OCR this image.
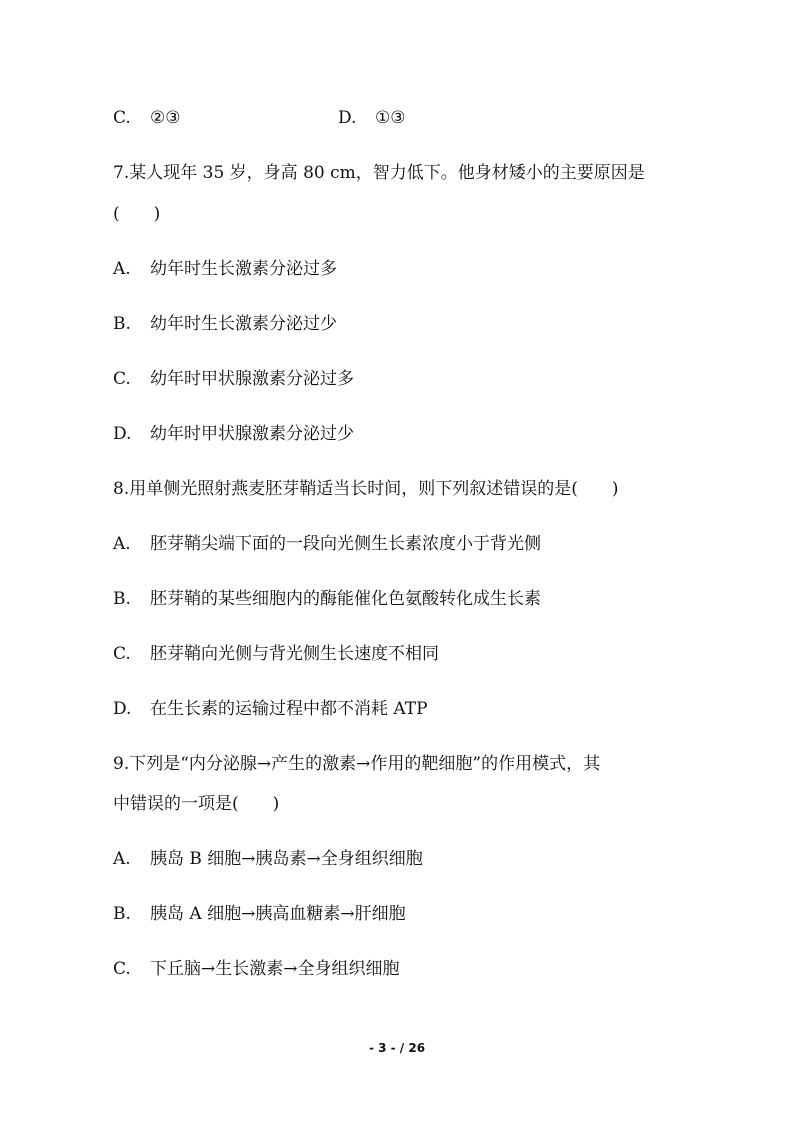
C. ②③	D. ①③
7.某人现年 35 岁，身高 80 cm，智力低下。他身材矮小的主要原因是
(　　)
A. 幼年时生长激素分泌过多
B. 幼年时生长激素分泌过少
C. 幼年时甲状腺激素分泌过多
D. 幼年时甲状腺激素分泌过少
8.用单侧光照射燕麦胚芽鞘适当长时间，则下列叙述错误的是(　　)
A. 胚芽鞘尖端下面的一段向光侧生长素浓度小于背光侧
B. 胚芽鞘的某些细胞内的酶能催化色氨酸转化成生长素
C. 胚芽鞘向光侧与背光侧生长速度不相同
D. 在生长素的运输过程中都不消耗 ATP
9.下列是“内分泌腺→产生的激素→作用的靶细胞”的作用模式，其
中错误的一项是(　　)
A. 胰岛 B 细胞→胰岛素→全身组织细胞
B. 胰岛 A 细胞→胰高血糖素→肝细胞
C. 下丘脑→生长激素→全身组织细胞
- 3 - / 26
